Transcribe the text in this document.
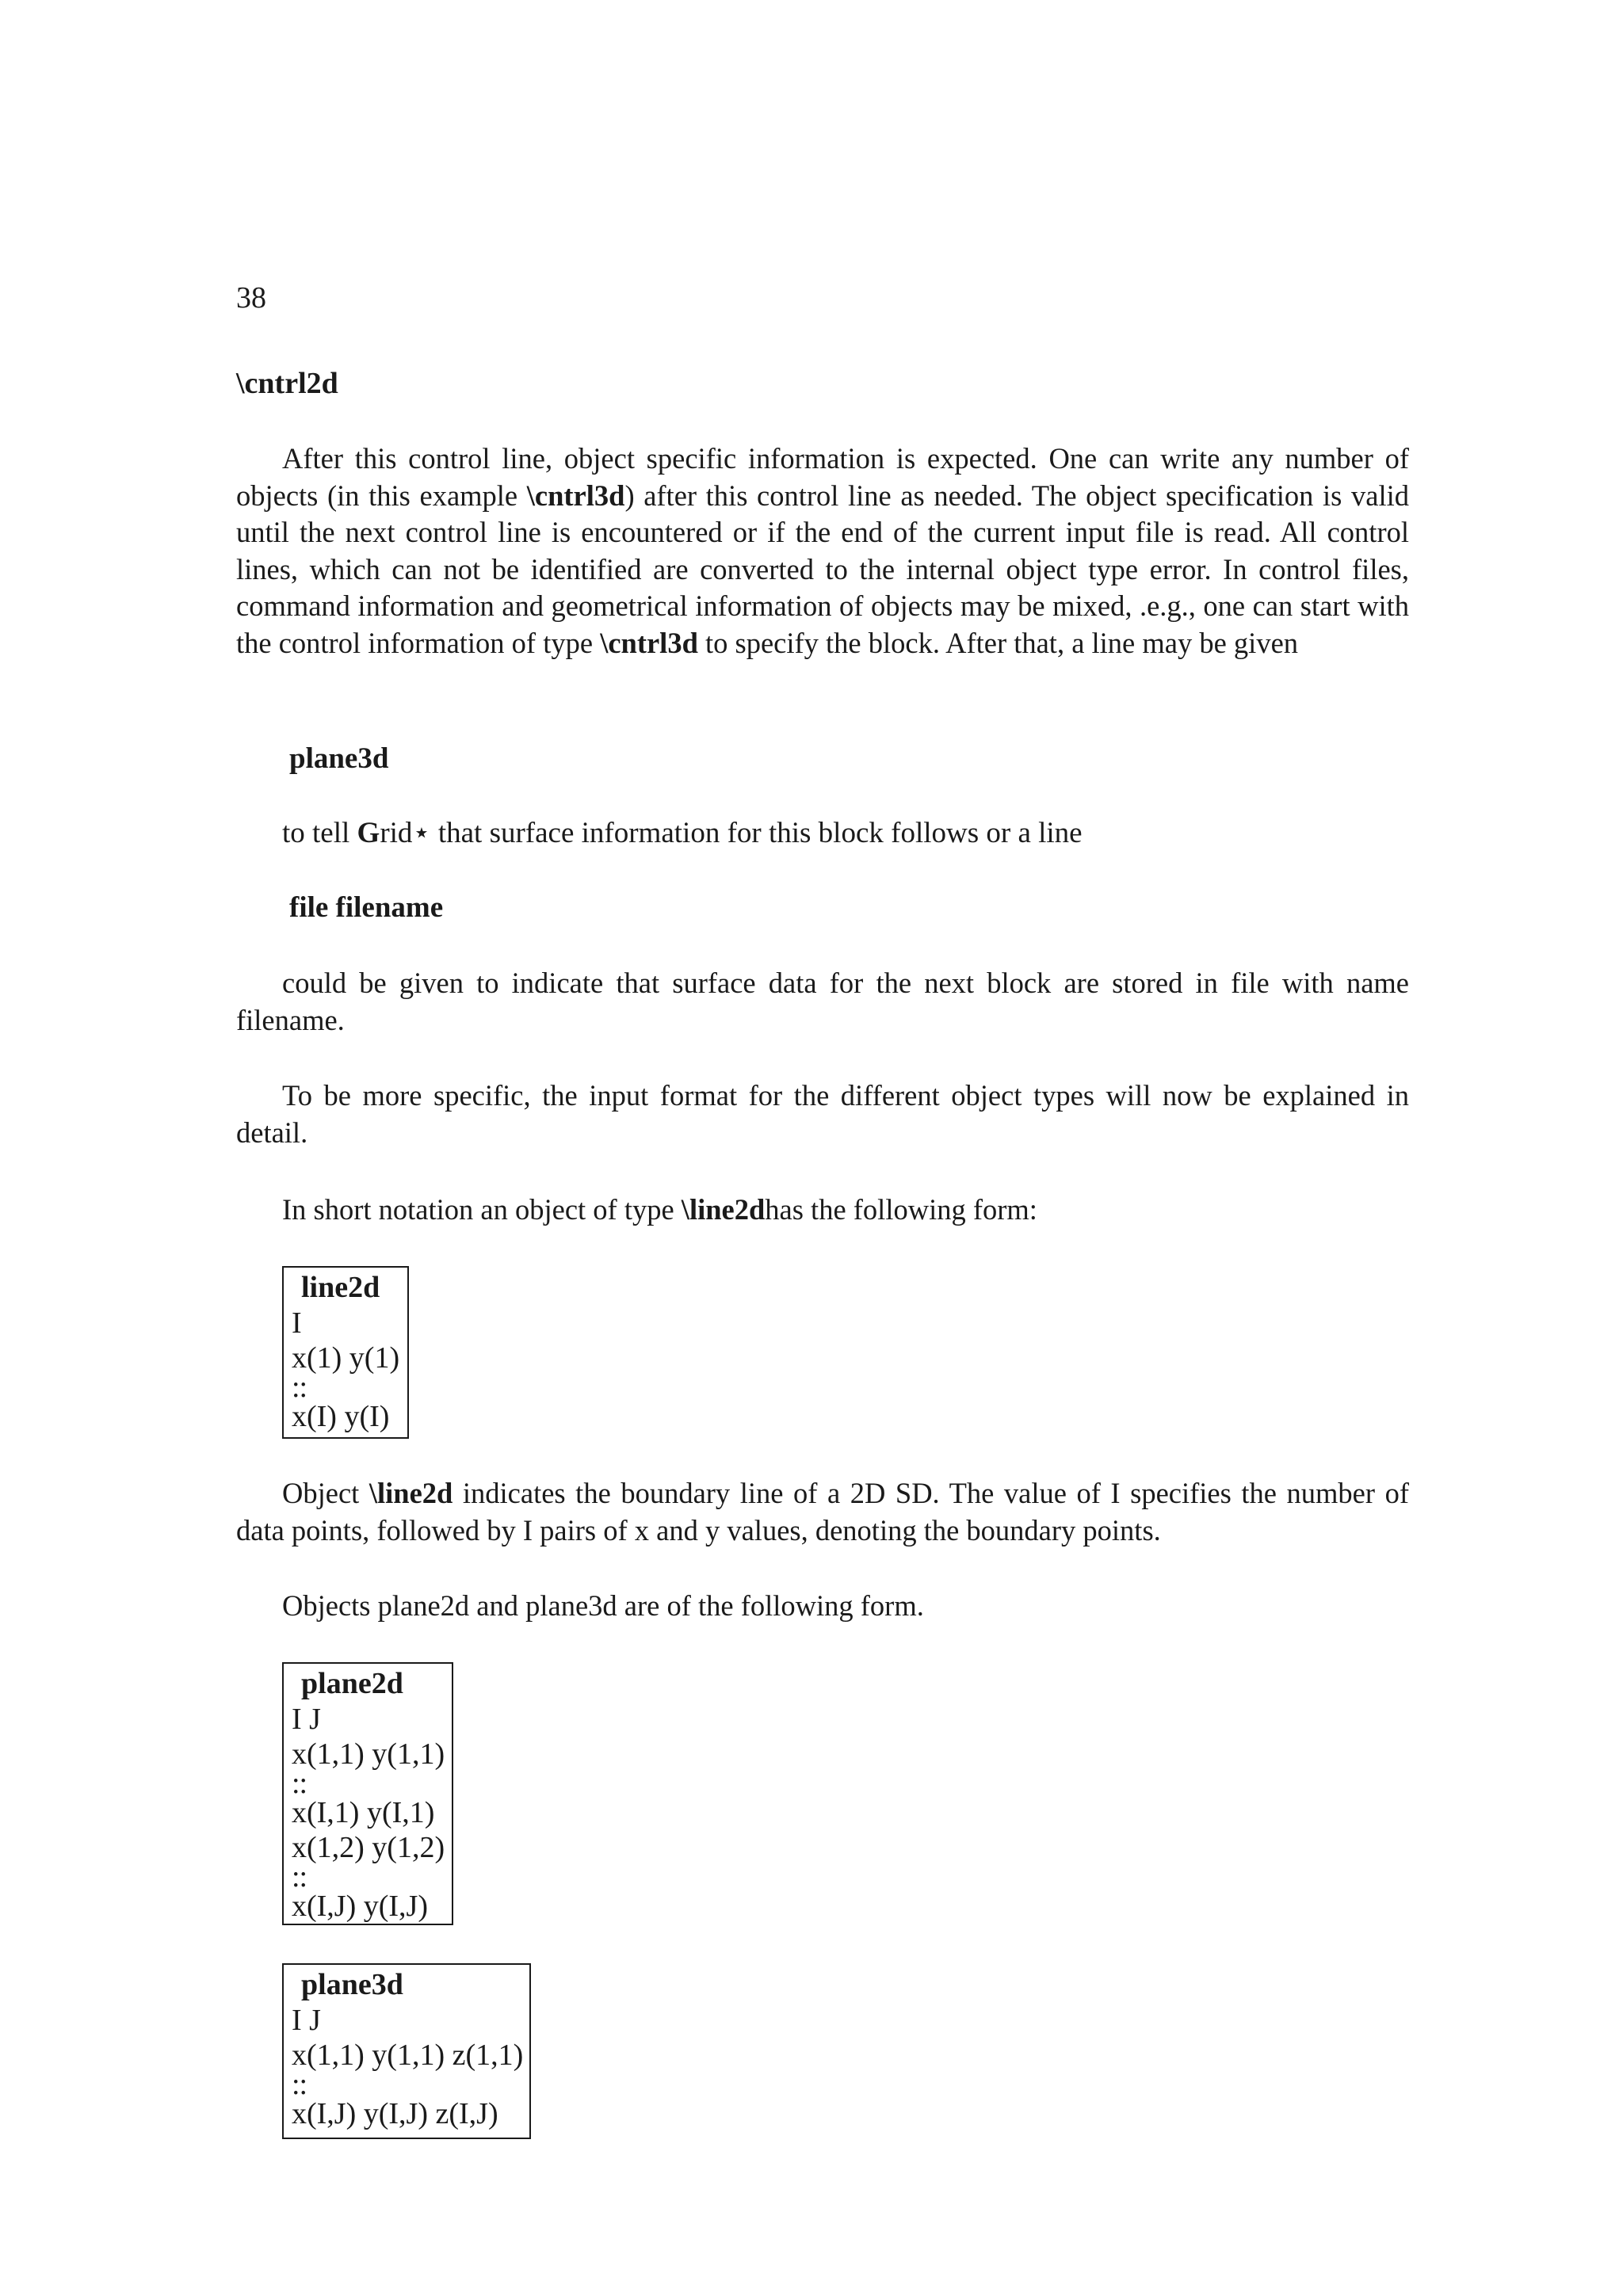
38
\cntrl2d

After this control line, object specific information is expected. One can write any number of objects (in this example \cntrl3d) after this control line as needed. The object specification is valid until the next control line is encountered or if the end of the current input file is read. All control lines, which can not be identified are converted to the internal object type error. In control files, command information and geometrical information of objects may be mixed, .e.g., one can start with the control information of type \cntrl3d to specify the block. After that, a line may be given

plane3d
to tell Grid⋆ that surface information for this block follows or a line
file filename

could be given to indicate that surface data for the next block are stored in file with name filename.

To be more specific, the input format for the different object types will now be explained in detail.

In short notation an object of type \line2dhas the following form:

line2d
I
x(1) y(1)
::
x(I) y(I)

Object \line2d indicates the boundary line of a 2D SD. The value of I specifies the number of data points, followed by I pairs of x and y values, denoting the boundary points.

Objects plane2d and plane3d are of the following form.

plane2d
I J
x(1,1) y(1,1)
::
x(I,1) y(I,1)
x(1,2) y(1,2)
::
x(I,J) y(I,J)
plane3d
I J
x(1,1) y(1,1) z(1,1)
::
x(I,J) y(I,J) z(I,J)
